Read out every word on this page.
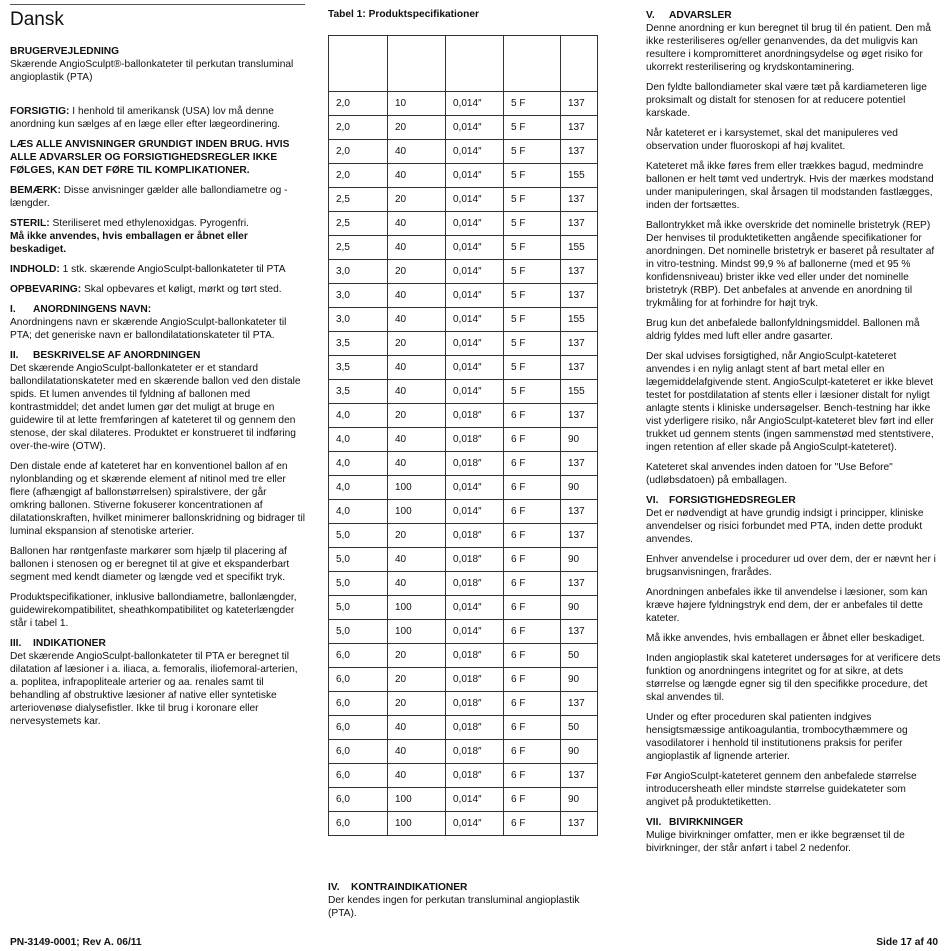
Dansk

BRUGERVEJLEDNING

Skærende AngioSculpt®-ballonkateter til perkutan transluminal angioplastik (PTA)

FORSIGTIG: I henhold til amerikansk (USA) lov må denne anordning kun sælges af en læge eller efter lægeordinering.

LÆS ALLE ANVISNINGER GRUNDIGT INDEN BRUG. HVIS ALLE ADVARSLER OG FORSIGTIGHEDSREGLER IKKE FØLGES, KAN DET FØRE TIL KOMPLIKATIONER.

BEMÆRK: Disse anvisninger gælder alle ballondiametre og -længder.

STERIL: Steriliseret med ethylenoxidgas. Pyrogenfri.
Må ikke anvendes, hvis emballagen er åbnet eller beskadiget.

INDHOLD: 1 stk. skærende AngioSculpt-ballonkateter til PTA

OPBEVARING: Skal opbevares et køligt, mørkt og tørt sted.

I. ANORDNINGENS NAVN:

Anordningens navn er skærende AngioSculpt-ballonkateter til PTA; det generiske navn er ballondilatationskateter til PTA.

II. BESKRIVELSE AF ANORDNINGEN

Det skærende AngioSculpt-ballonkateter er et standard ballondilatationskateter med en skærende ballon ved den distale spids. Et lumen anvendes til fyldning af ballonen med kontrastmiddel; det andet lumen gør det muligt at bruge en guidewire til at lette fremføringen af kateteret til og gennem den stenose, der skal dilateres. Produktet er konstrueret til indføring over-the-wire (OTW).

Den distale ende af kateteret har en konventionel ballon af en nylonblanding og et skærende element af nitinol med tre eller flere (afhængigt af ballonstørrelsen) spiralstivere, der går omkring ballonen. Stiverne fokuserer koncentrationen af dilatationskraften, hvilket minimerer ballonskridning og bidrager til luminal ekspansion af stenotiske arterier.

Ballonen har røntgenfaste markører som hjælp til placering af ballonen i stenosen og er beregnet til at give et ekspanderbart segment med kendt diameter og længde ved et specifikt tryk.

Produktspecifikationer, inklusive ballondiametre, ballonlængder, guidewirekompatibilitet, sheathkompatibilitet og kateterlængder står i tabel 1.

III. INDIKATIONER

Det skærende AngioSculpt-ballonkateter til PTA er beregnet til dilatation af læsioner i a. iliaca, a. femoralis, iliofemoral-arterien, a. poplitea, infrapopliteale arterier og aa. renales samt til behandling af obstruktive læsioner af native eller syntetiske arteriovenøse dialysefistler. Ikke til brug i koronare eller nervesystemets kar.

Tabel 1: Produktspecifikationer

2,0	10	0,014″	5 F	137
2,0	20	0,014″	5 F	137
2,0	40	0,014″	5 F	137
2,0	40	0,014″	5 F	155
2,5	20	0,014″	5 F	137
2,5	40	0,014″	5 F	137
2,5	40	0,014″	5 F	155
3,0	20	0,014″	5 F	137
3,0	40	0,014″	5 F	137
3,0	40	0,014″	5 F	155
3,5	20	0,014″	5 F	137
3,5	40	0,014″	5 F	137
3,5	40	0,014″	5 F	155
4,0	20	0,018″	6 F	137
4,0	40	0,018″	6 F	90
4,0	40	0,018″	6 F	137
4,0	100	0,014″	6 F	90
4,0	100	0,014″	6 F	137
5,0	20	0,018″	6 F	137
5,0	40	0,018″	6 F	90
5,0	40	0,018″	6 F	137
5,0	100	0,014″	6 F	90
5,0	100	0,014″	6 F	137
6,0	20	0,018″	6 F	50
6,0	20	0,018″	6 F	90
6,0	20	0,018″	6 F	137
6,0	40	0,018″	6 F	50
6,0	40	0,018″	6 F	90
6,0	40	0,018″	6 F	137
6,0	100	0,014″	6 F	90
6,0	100	0,014″	6 F	137
IV. KONTRAINDIKATIONER

Der kendes ingen for perkutan transluminal angioplastik (PTA).

V. ADVARSLER

Denne anordning er kun beregnet til brug til én patient. Den må ikke resteriliseres og/eller genanvendes, da det muligvis kan resultere i kompromitteret anordningsydelse og øget risiko for ukorrekt resterilisering og krydskontaminering.

Den fyldte ballondiameter skal være tæt på kardiameteren lige proksimalt og distalt for stenosen for at reducere potentiel karskade.

Når kateteret er i karsystemet, skal det manipuleres ved observation under fluoroskopi af høj kvalitet.

Kateteret må ikke føres frem eller trækkes bagud, medmindre ballonen er helt tømt ved undertryk. Hvis der mærkes modstand under manipuleringen, skal årsagen til modstanden fastlægges, inden der fortsættes.

Ballontrykket må ikke overskride det nominelle bristetryk (REP) Der henvises til produktetiketten angående specifikationer for anordningen. Det nominelle bristetryk er baseret på resultater af in vitro-testning. Mindst 99,9 % af ballonerne (med et 95 % konfidensniveau) brister ikke ved eller under det nominelle bristetryk (RBP). Det anbefales at anvende en anordning til trykmåling for at forhindre for højt tryk.

Brug kun det anbefalede ballonfyldningsmiddel. Ballonen må aldrig fyldes med luft eller andre gasarter.

Der skal udvises forsigtighed, når AngioSculpt-kateteret anvendes i en nylig anlagt stent af bart metal eller en lægemiddelafgivende stent. AngioSculpt-kateteret er ikke blevet testet for postdilatation af stents eller i læsioner distalt for nyligt anlagte stents i kliniske undersøgelser. Bench-testning har ikke vist yderligere risiko, når AngioSculpt-kateteret blev ført ind eller trukket ud gennem stents (ingen sammenstød med stentstivere, ingen retention af eller skade på AngioSculpt-kateteret).

Kateteret skal anvendes inden datoen for "Use Before" (udløbsdatoen) på emballagen.

VI. FORSIGTIGHEDSREGLER

Det er nødvendigt at have grundig indsigt i principper, kliniske anvendelser og risici forbundet med PTA, inden dette produkt anvendes.

Enhver anvendelse i procedurer ud over dem, der er nævnt her i brugsanvisningen, frarådes.

Anordningen anbefales ikke til anvendelse i læsioner, som kan kræve højere fyldningstryk end dem, der er anbefales til dette kateter.

Må ikke anvendes, hvis emballagen er åbnet eller beskadiget.

Inden angioplastik skal kateteret undersøges for at verificere dets funktion og anordningens integritet og for at sikre, at dets størrelse og længde egner sig til den specifikke procedure, det skal anvendes til.

Under og efter proceduren skal patienten indgives hensigtsmæssige antikoagulantia, trombocythæmmere og vasodilatorer i henhold til institutionens praksis for perifer angioplastik af lignende arterier.

Før AngioSculpt-kateteret gennem den anbefalede størrelse introducersheath eller mindste størrelse guidekateter som angivet på produktetiketten.

VII. BIVIRKNINGER

Mulige bivirkninger omfatter, men er ikke begrænset til de bivirkninger, der står anført i tabel 2 nedenfor.

PN-3149-0001; Rev A. 06/11	Side 17 af 40
